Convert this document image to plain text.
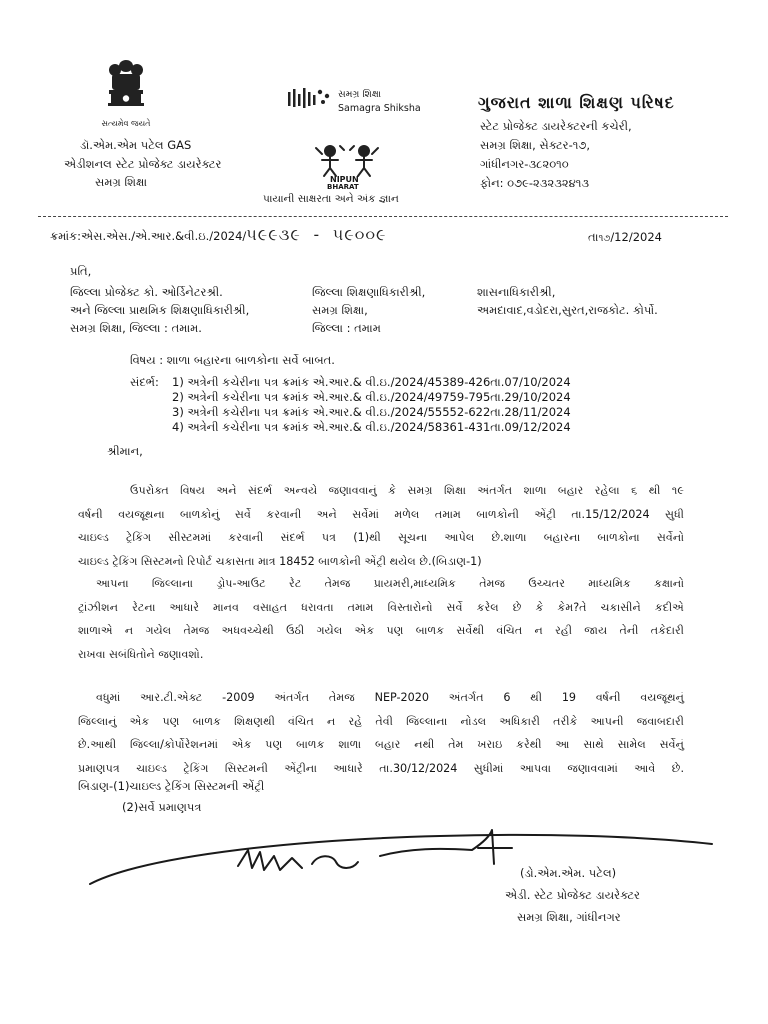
સત્યમેવ જયતે
ડૉ.એમ.એમ પટેલ GAS
એડીશનલ સ્ટેટ પ્રોજેક્ટ ડાયરેક્ટર
સમગ્ર શિક્ષા
સમગ્ર શિક્ષા
Samagra Shiksha
NIPUN
BHARAT
પાયાની સાક્ષરતા અને અંક જ્ઞાન
ગુજરાત શાળા શિક્ષણ પરિષદ
સ્ટેટ પ્રોજેક્ટ ડાયરેક્ટરની કચેરી,
સમગ્ર શિક્ષા, સેક્ટર-૧૭,
ગાંધીનગર-૩૮૨૦૧૦
ફોન: ૦૭૯-૨૩૨૩૨૪૧૩
ક્રમાંક:એસ.એસ./એ.આર.&વી.ઇ./2024/૫૯૯૩૯ - ૫૯૦૦૯	તા૧૭/12/2024
પ્રતિ,
જિલ્લા પ્રોજેક્ટ કો. ઓર્ડિનેટરશ્રી.
અને જિલ્લા પ્રાથમિક શિક્ષણાધિકારીશ્રી,
સમગ્ર શિક્ષા, જિલ્લા : તમામ.
જિલ્લા શિક્ષણાધિકારીશ્રી,
સમગ્ર શિક્ષા,
જિલ્લા : તમામ
શાસનાધિકારીશ્રી,
અમદાવાદ,વડોદરા,સુરત,રાજકોટ. કોર્પો.
વિષય : શાળા બહારના બાળકોના સર્વે બાબત.
સંદર્ભ: 1) અત્રેની કચેરીના પત્ર ક્રમાંક એ.આર.& વી.ઇ./2024/45389-426તા.07/10/2024
2) અત્રેની કચેરીના પત્ર ક્રમાંક એ.આર.& વી.ઇ./2024/49759-795તા.29/10/2024
3) અત્રેની કચેરીના પત્ર ક્રમાંક એ.આર.& વી.ઇ./2024/55552-622તા.28/11/2024
4) અત્રેની કચેરીના પત્ર ક્રમાંક એ.આર.& વી.ઇ./2024/58361-431તા.09/12/2024
શ્રીમાન,
ઉપરોક્ત વિષય અને સંદર્ભ અન્વયે જણાવવાનું કે સમગ્ર શિક્ષા અંતર્ગત શાળા બહાર રહેલા ૬ થી ૧૯
વર્ષની વયજૂથના બાળકોનું સર્વે કરવાની અને સર્વેમાં મળેલ તમામ બાળકોની એંટ્રી તા.15/12/2024 સુધી
ચાઇલ્ડ ટ્રેકિંગ સીસ્ટમમાં કરવાની સંદર્ભ પત્ર (1)થી સૂચના આપેલ છે.શાળા બહારના બાળકોના સર્વેનો
ચાઇલ્ડ ટ્રેકિંગ સિસ્ટમનો રિપોર્ટ ચકાસતા માત્ર 18452 બાળકોની એંટ્રી થયેલ છે.(બિડાણ-1)
આપના જિલ્લાના ડ્રોપ-આઉટ રેટ તેમજ પ્રાયમરી,માધ્યમિક તેમજ ઉચ્ચતર માધ્યમિક કક્ષાનો
ટ્રાંઝીશન રેટના આધારે માનવ વસાહત ધરાવતા તમામ વિસ્તારોનો સર્વે કરેલ છે કે કેમ?તે ચકાસીને કદીએ
શાળાએ ન ગયેલ તેમજ અધવચ્ચેથી ઉઠી ગયેલ એક પણ બાળક સર્વેથી વંચિત ન રહી જાય તેની તકેદારી
રાખવા સબંધિતોને જણાવશો.
વધુમાં આર.ટી.એક્ટ -2009 અંતર્ગત તેમજ NEP-2020 અંતર્ગત 6 થી 19 વર્ષની વયજૂથનું
જિલ્લાનું એક પણ બાળક શિક્ષણથી વંચિત ન રહે તેવી જિલ્લાના નોડલ અધિકારી તરીકે આપની જવાબદારી
છે.આથી જિલ્લા/કોર્પોરેશનમાં એક પણ બાળક શાળા બહાર નથી તેમ ખરાઇ કરેથી આ સાથે સામેલ સર્વેનું
પ્રમાણપત્ર ચાઇલ્ડ ટ્રેકિંગ સિસ્ટમની એંટ્રીના આધારે તા.30/12/2024 સુધીમાં આપવા જણાવવામાં આવે છે.
બિડાણ-(1)ચાઇલ્ડ ટ્રેકિંગ સિસ્ટમની એંટ્રી
(2)સર્વે પ્રમાણપત્ર
(ડો.એમ.એમ. પટેલ)
એડી. સ્ટેટ પ્રોજેક્ટ ડાયરેક્ટર
સમગ્ર શિક્ષા, ગાંધીનગર
